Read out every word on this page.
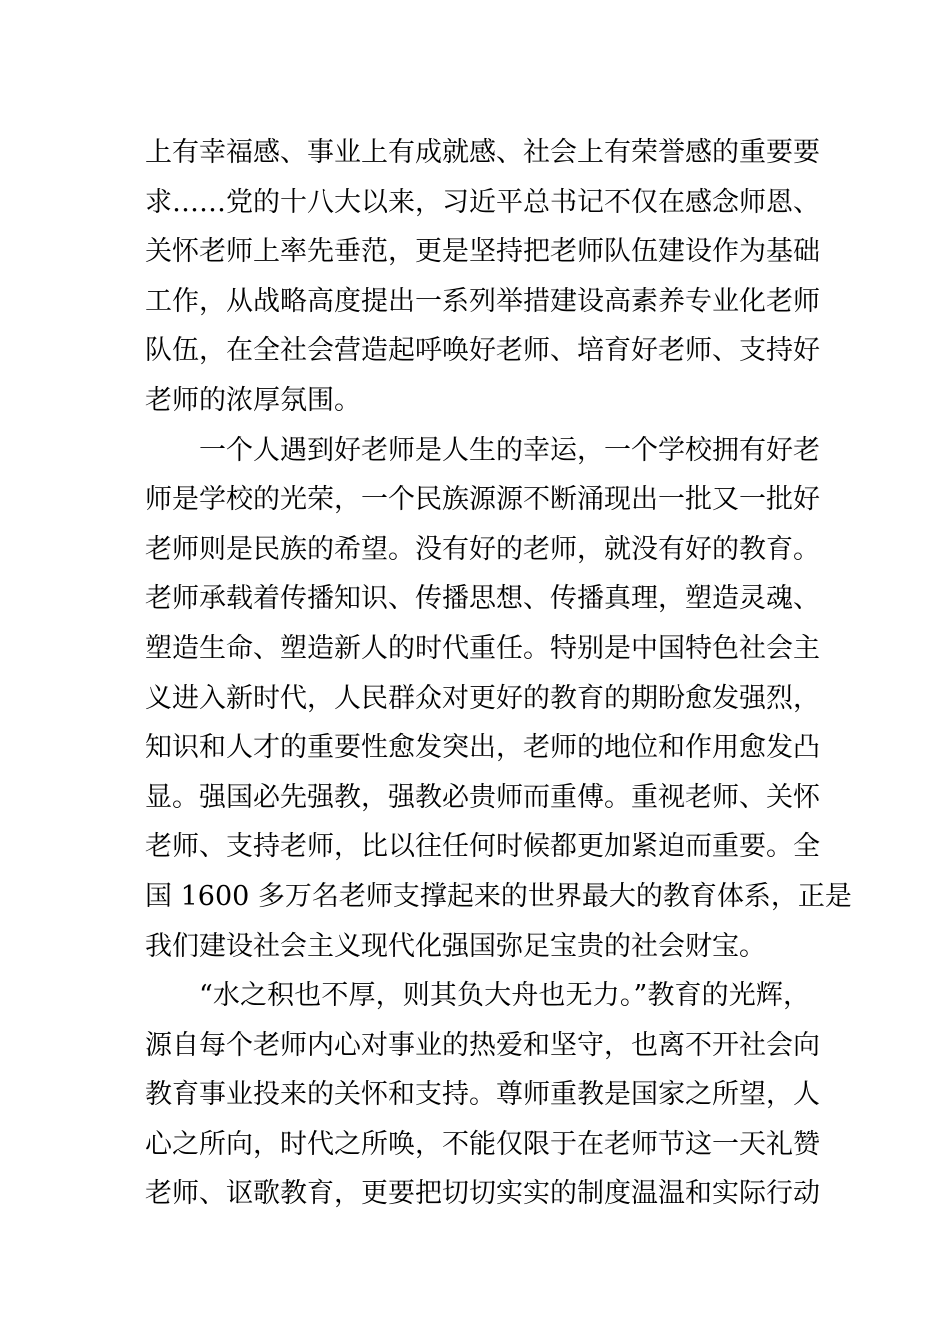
上有幸福感、事业上有成就感、社会上有荣誉感的重要要
求……党的十八大以来，习近平总书记不仅在感念师恩、
关怀老师上率先垂范，更是坚持把老师队伍建设作为基础
工作，从战略高度提出一系列举措建设高素养专业化老师
队伍，在全社会营造起呼唤好老师、培育好老师、支持好
老师的浓厚氛围。
一个人遇到好老师是人生的幸运，一个学校拥有好老
师是学校的光荣，一个民族源源不断涌现出一批又一批好
老师则是民族的希望。没有好的老师，就没有好的教育。
老师承载着传播知识、传播思想、传播真理，塑造灵魂、
塑造生命、塑造新人的时代重任。特别是中国特色社会主
义进入新时代，人民群众对更好的教育的期盼愈发强烈，
知识和人才的重要性愈发突出，老师的地位和作用愈发凸
显。强国必先强教，强教必贵师而重傅。重视老师、关怀
老师、支持老师，比以往任何时候都更加紧迫而重要。全
国 1600 多万名老师支撑起来的世界最大的教育体系，正是
我们建设社会主义现代化强国弥足宝贵的社会财宝。
“水之积也不厚，则其负大舟也无力。”教育的光辉，
源自每个老师内心对事业的热爱和坚守，也离不开社会向
教育事业投来的关怀和支持。尊师重教是国家之所望，人
心之所向，时代之所唤，不能仅限于在老师节这一天礼赞
老师、讴歌教育，更要把切切实实的制度温温和实际行动
